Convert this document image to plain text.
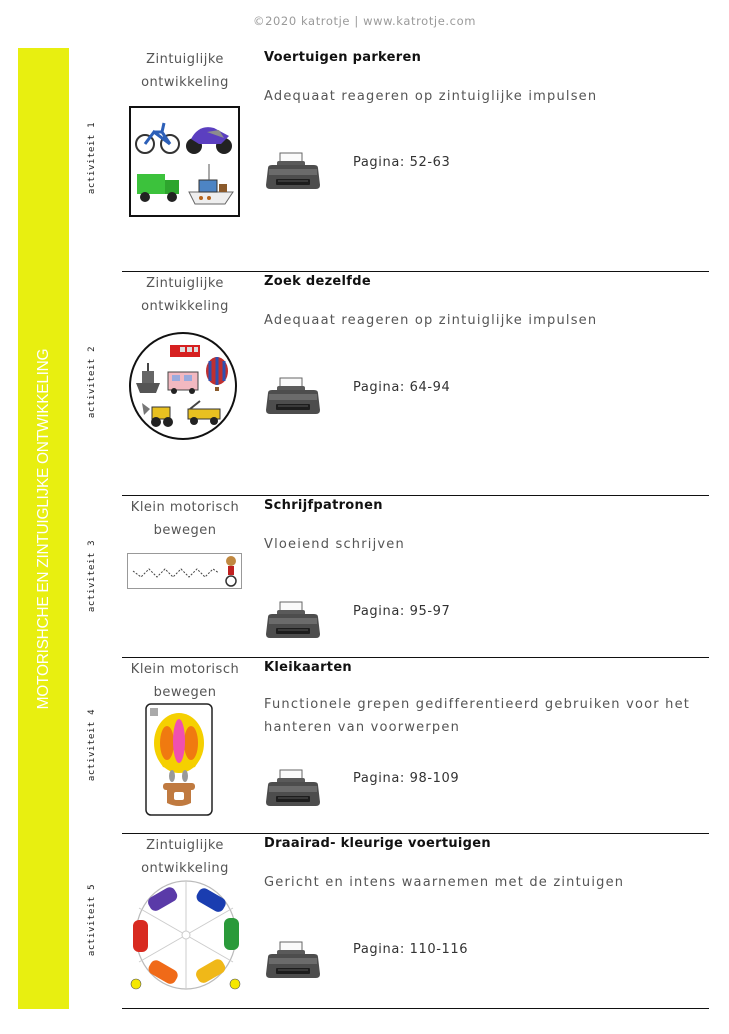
©2020 katrotje | www.katrotje.com
MOTORISHCHE EN ZINTUIGLIJKE ONTWIKKELING
activiteit 1
activiteit 2
activiteit 3
activiteit 4
activiteit 5
Zintuiglijke
ontwikkeling
Voertuigen parkeren
Adequaat reageren op zintuiglijke impulsen
Pagina: 52-63
Zintuiglijke
ontwikkeling
Zoek dezelfde
Adequaat reageren op zintuiglijke impulsen
Pagina: 64-94
Klein motorisch
bewegen
Schrijfpatronen
Vloeiend schrijven
Pagina: 95-97
Klein motorisch
bewegen
Kleikaarten
Functionele grepen gedifferentieerd gebruiken voor het hanteren van voorwerpen
Pagina: 98-109
Zintuiglijke
ontwikkeling
Draairad- kleurige voertuigen
Gericht en intens waarnemen met de zintuigen
Pagina: 110-116
